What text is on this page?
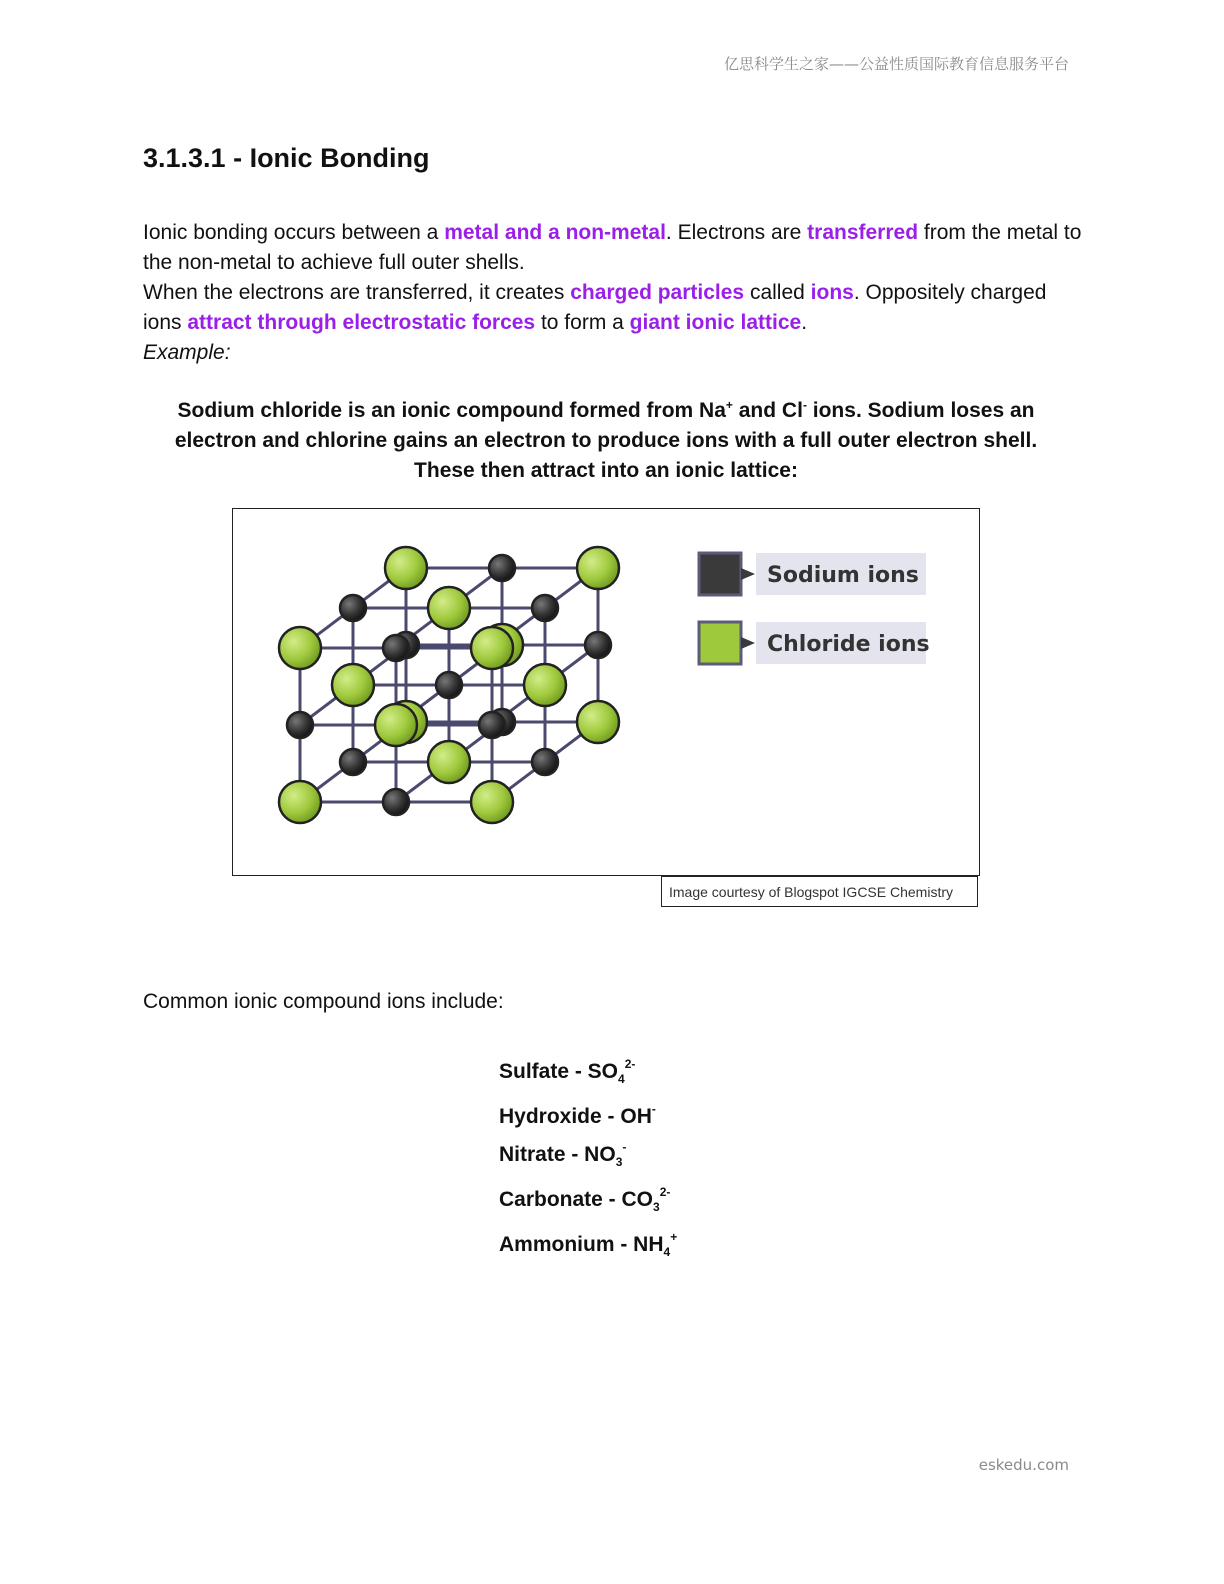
亿思科学生之家——公益性质国际教育信息服务平台
3.1.3.1 - Ionic Bonding
Ionic bonding occurs between a metal and a non-metal. Electrons are transferred from the metal to the non-metal to achieve full outer shells.
When the electrons are transferred, it creates charged particles called ions. Oppositely charged ions attract through electrostatic forces to form a giant ionic lattice.
Example:
Sodium chloride is an ionic compound formed from Na+ and Cl- ions. Sodium loses an electron and chlorine gains an electron to produce ions with a full outer electron shell. These then attract into an ionic lattice:
Sodium ions
Chloride ions
Image courtesy of Blogspot IGCSE Chemistry
Common ionic compound ions include:
Sulfate - $SO_4^{2-}$
Hydroxide - OH-
Nitrate - $NO_3^-$
Carbonate - $CO_3^{2-}$
Ammonium - $NH_4^+$
eskedu.com
